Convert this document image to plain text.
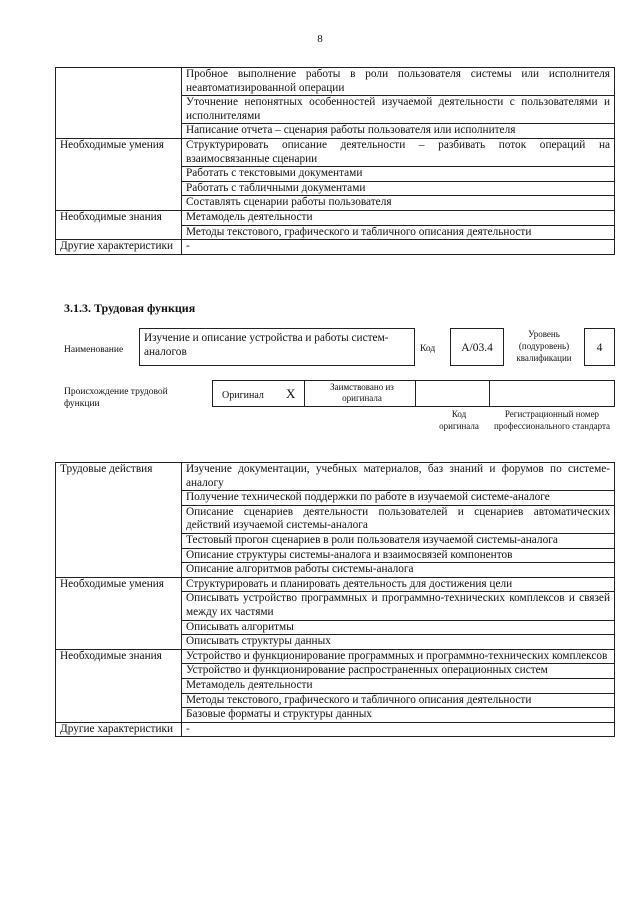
8
	Пробное выполнение работы в роли пользователя системы или исполнителя неавтоматизированной операции
	Уточнение непонятных особенностей изучаемой деятельности с пользователями и исполнителями
	Написание отчета – сценария работы пользователя или исполнителя
Необходимые умения	Структурировать описание деятельности – разбивать поток операций на взаимосвязанные сценарии
	Работать с текстовыми документами
	Работать с табличными документами
	Составлять сценарии работы пользователя
Необходимые знания	Метамодель деятельности
	Методы текстового, графического и табличного описания деятельности
Другие характеристики	-
3.1.3. Трудовая функция
Наименование
Изучение и описание устройства и работы систем-аналогов	Код	A/03.4
Уровень (подуровень) квалификации
4
Происхождение трудовой функции
Оригинал X	Заимствовано из оригинала
Код оригинала
Регистрационный номер профессионального стандарта
Трудовые действия	Изучение документации, учебных материалов, баз знаний и форумов по системе-аналогу
	Получение технической поддержки по работе в изучаемой системе-аналоге
	Описание сценариев деятельности пользователей и сценариев автоматических действий изучаемой системы-аналога
	Тестовый прогон сценариев в роли пользователя изучаемой системы-аналога
	Описание структуры системы-аналога и взаимосвязей компонентов
	Описание алгоритмов работы системы-аналога
Необходимые умения	Структурировать и планировать деятельность для достижения цели
	Описывать устройство программных и программно-технических комплексов и связей между их частями
	Описывать алгоритмы
	Описывать структуры данных
Необходимые знания	Устройство и функционирование программных и программно-технических комплексов
	Устройство и функционирование распространенных операционных систем
	Метамодель деятельности
	Методы текстового, графического и табличного описания деятельности
	Базовые форматы и структуры данных
Другие характеристики	-
